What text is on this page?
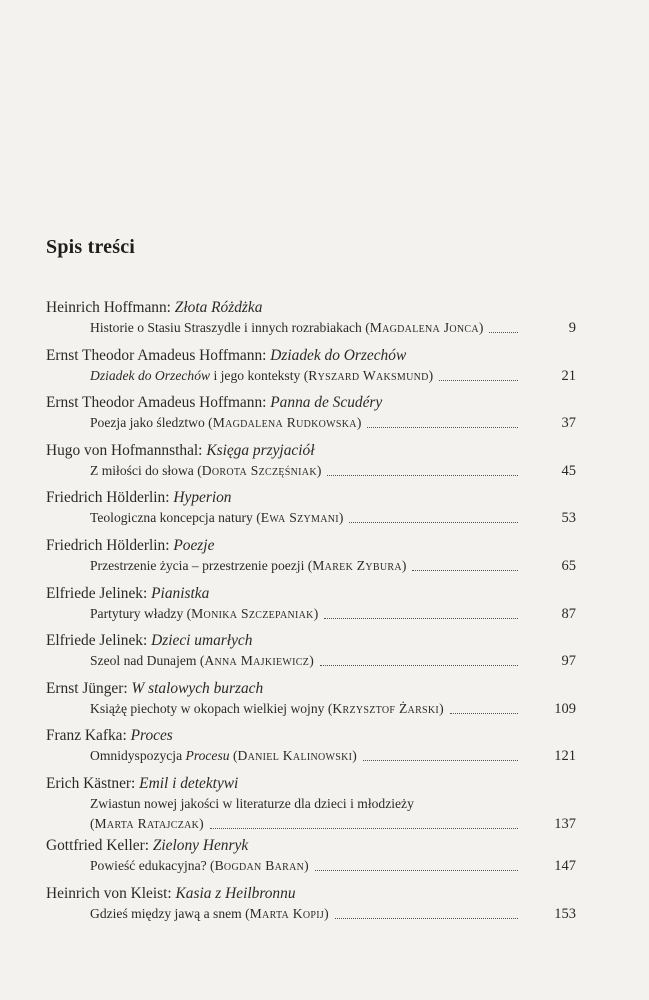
Spis treści
Heinrich Hoffmann: Złota Różdżka
Historie o Stasiu Straszydle i innych rozrabiakach (Magdalena Jonca)	9
Ernst Theodor Amadeus Hoffmann: Dziadek do Orzechów
Dziadek do Orzechów i jego konteksty (Ryszard Waksmund)	21
Ernst Theodor Amadeus Hoffmann: Panna de Scudéry
Poezja jako śledztwo (Magdalena Rudkowska)	37
Hugo von Hofmannsthal: Księga przyjaciół
Z miłości do słowa (Dorota Szczęśniak)	45
Friedrich Hölderlin: Hyperion
Teologiczna koncepcja natury (Ewa Szymani)	53
Friedrich Hölderlin: Poezje
Przestrzenie życia – przestrzenie poezji (Marek Zybura)	65
Elfriede Jelinek: Pianistka
Partytury władzy (Monika Szczepaniak)	87
Elfriede Jelinek: Dzieci umarłych
Szeol nad Dunajem (Anna Majkiewicz)	97
Ernst Jünger: W stalowych burzach
Książę piechoty w okopach wielkiej wojny (Krzysztof Żarski)	109
Franz Kafka: Proces
Omnidyspozycja Procesu (Daniel Kalinowski)	121
Erich Kästner: Emil i detektywi
Zwiastun nowej jakości w literaturze dla dzieci i młodzieży
(Marta Ratajczak)	137
Gottfried Keller: Zielony Henryk
Powieść edukacyjna? (Bogdan Baran)	147
Heinrich von Kleist: Kasia z Heilbronnu
Gdzieś między jawą a snem (Marta Kopij)	153
